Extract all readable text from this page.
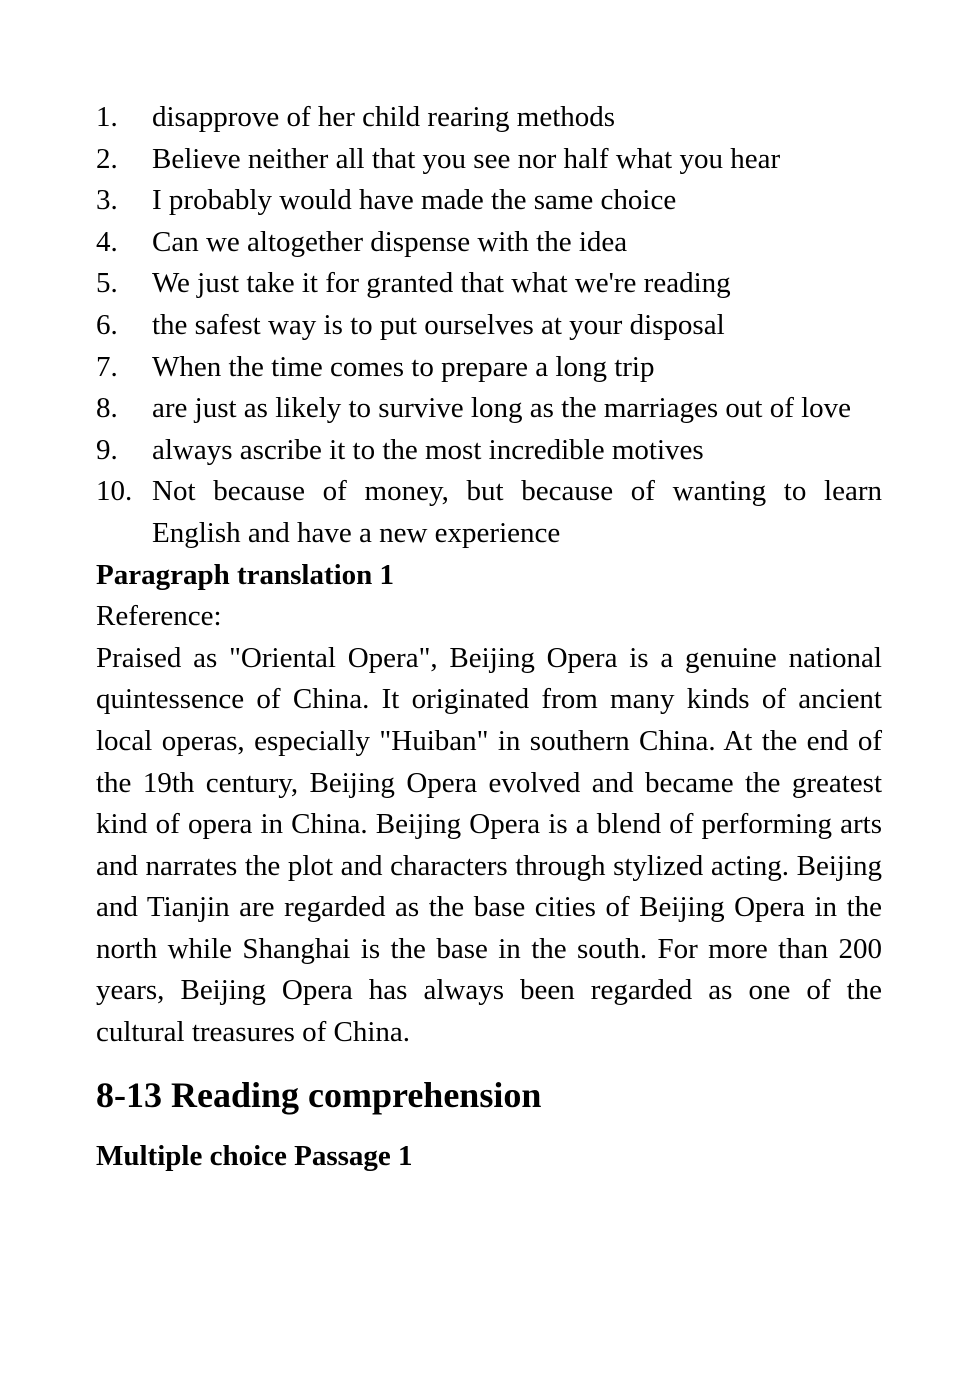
1.	disapprove of her child rearing methods
2.	Believe neither all that you see nor half what you hear
3.	I probably would have made the same choice
4.	Can we altogether dispense with the idea
5.	We just take it for granted that what we're reading
6.	the safest way is to put ourselves at your disposal
7.	When the time comes to prepare a long trip
8.	are just as likely to survive long as the marriages out of love
9.	always ascribe it to the most incredible motives
10. Not because of money, but because of wanting to learn English and have a new experience

Paragraph translation 1

Reference:

Praised as "Oriental Opera", Beijing Opera is a genuine national quintessence of China. It originated from many kinds of ancient local operas, especially "Huiban" in southern China. At the end of the 19th century, Beijing Opera evolved and became the greatest kind of opera in China. Beijing Opera is a blend of performing arts and narrates the plot and characters through stylized acting. Beijing and Tianjin are regarded as the base cities of Beijing Opera in the north while Shanghai is the base in the south. For more than 200 years, Beijing Opera has always been regarded as one of the cultural treasures of China.

8-13 Reading comprehension

Multiple choice Passage 1
